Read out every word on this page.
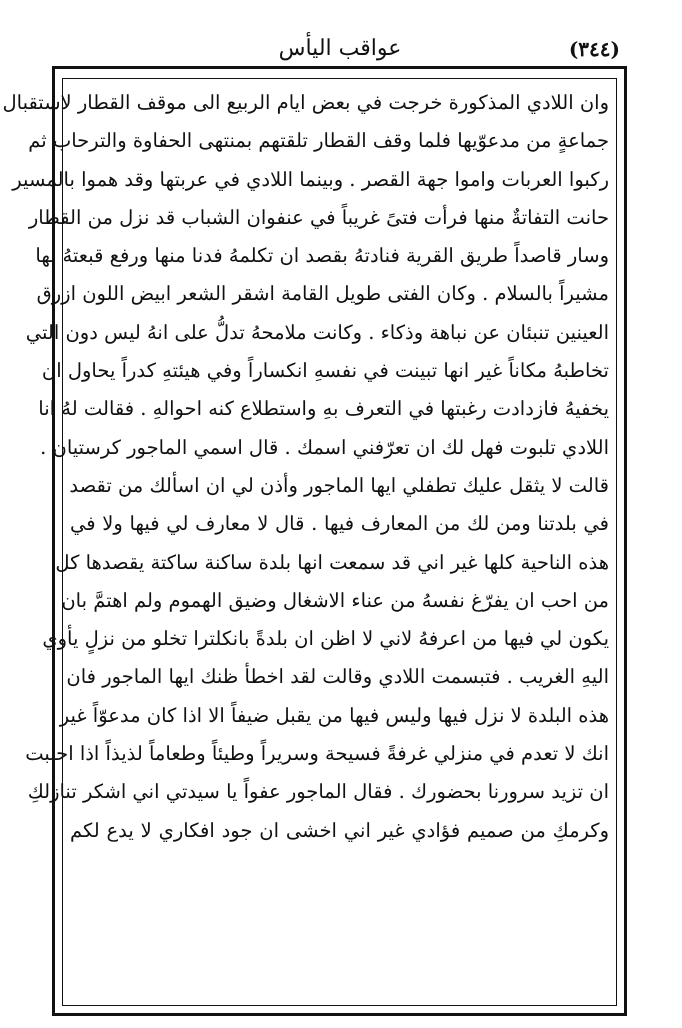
(٣٤٤)
عواقب اليأس
وان اللادي المذكورة خرجت في بعض ايام الربيع الى موقف القطار لاستقبال
جماعةٍ من مدعوّيها فلما وقف القطار تلقتهم بمنتهى الحفاوة والترحاب ثم
ركبوا العربات واموا جهة القصر . وبينما اللادي في عربتها وقد هموا بالمسير
حانت التفاتةٌ منها فرأت فتىً غريباً في عنفوان الشباب قد نزل من القطار
وسار قاصداً طريق القرية فنادتهُ بقصد ان تكلمهُ فدنا منها ورفع قبعتهُ لها
مشيراً بالسلام . وكان الفتى طويل القامة اشقر الشعر ابيض اللون ازرق
العينين تنبئان عن نباهة وذكاء . وكانت ملامحهُ تدلُّ على انهُ ليس دون التي
تخاطبهُ مكاناً غير انها تبينت في نفسهِ انكساراً وفي هيئتهِ كدراً يحاول ان
يخفيهُ فازدادت رغبتها في التعرف بهِ واستطلاع كنه احوالهِ . فقالت لهُ انا
اللادي تلبوت فهل لك ان تعرّفني اسمك . قال اسمي الماجور كرستيان .
قالت لا يثقل عليك تطفلي ايها الماجور وأذن لي ان اسألك من تقصد
في بلدتنا ومن لك من المعارف فيها . قال لا معارف لي فيها ولا في
هذه الناحية كلها غير اني قد سمعت انها بلدة ساكنة ساكتة يقصدها كل
من احب ان يفرّغ نفسهُ من عناء الاشغال وضيق الهموم ولم اهتمَّ بان
يكون لي فيها من اعرفهُ لاني لا اظن ان بلدةً بانكلترا تخلو من نزلٍ يأوي
اليهِ الغريب . فتبسمت اللادي وقالت لقد اخطأ ظنك ايها الماجور فان
هذه البلدة لا نزل فيها وليس فيها من يقبل ضيفاً الا اذا كان مدعوّاً غير
انك لا تعدم في منزلي غرفةً فسيحة وسريراً وطيئاً وطعاماً لذيذاً اذا احببت
ان تزيد سرورنا بحضورك . فقال الماجور عفواً يا سيدتي اني اشكر تنازلكِ
وكرمكِ من صميم فؤادي غير اني اخشى ان جود افكاري لا يدع لكم
